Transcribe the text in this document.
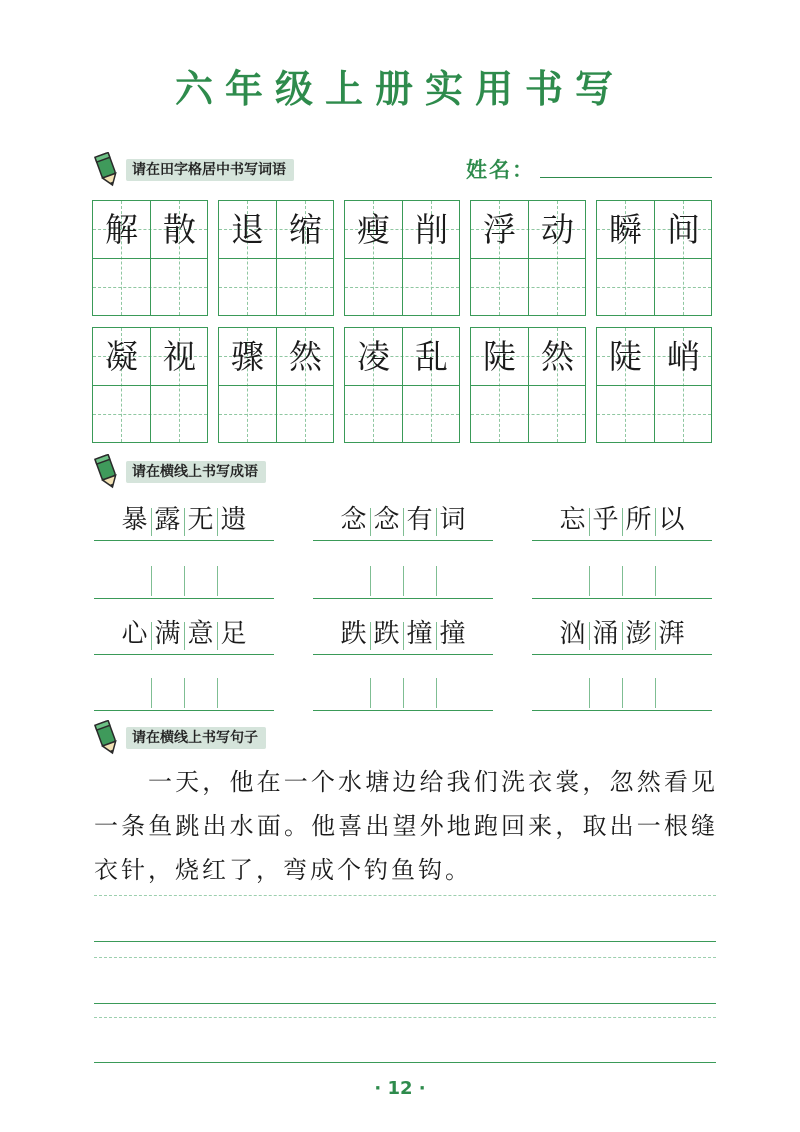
六年级上册实用书写
请在田字格居中书写词语	姓名：
解 散	退 缩	瘦 削	浮 动	瞬 间
凝 视	骤 然	凌 乱	陡 然	陡 峭
请在横线上书写成语
暴 露 无 遗	念 念 有 词	忘 乎 所 以
心 满 意 足	跌 跌 撞 撞	汹 涌 澎 湃
请在横线上书写句子
一天，他在一个水塘边给我们洗衣裳，忽然看见一条鱼跳出水面。他喜出望外地跑回来，取出一根缝衣针，烧红了，弯成个钓鱼钩。
· 12 ·
